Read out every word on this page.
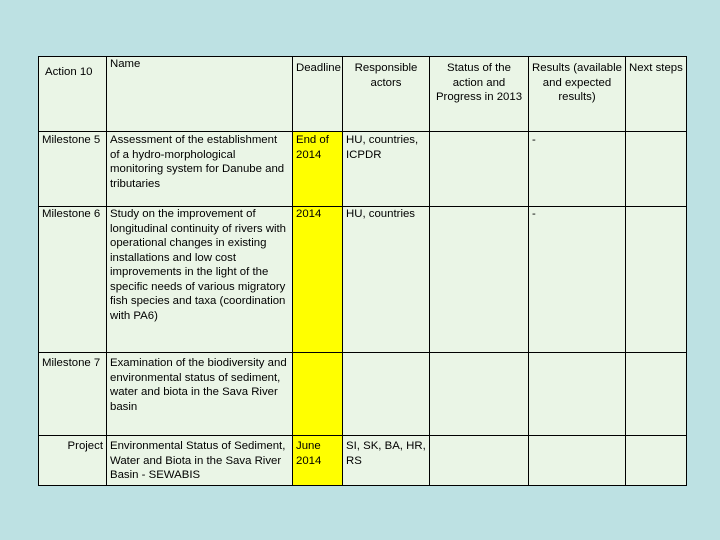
Action 10	Name	Deadline	Responsible actors	Status of the action and Progress in 2013	Results (available and expected results)	Next steps
Milestone 5	Assessment of the establishment of a hydro-morphological monitoring system for Danube and tributaries	End of 2014	HU, countries, ICPDR		-	
Milestone 6	Study on the improvement of longitudinal continuity of rivers with operational changes in existing installations and low cost improvements in the light of the specific needs of various migratory fish species and taxa (coordination with PA6)	2014	HU, countries		-	
Milestone 7	Examination of the biodiversity and environmental status of sediment, water and biota in the Sava River basin					
Project	Environmental Status of Sediment, Water and Biota in the Sava River Basin - SEWABIS	June 2014	SI, SK, BA, HR, RS			
